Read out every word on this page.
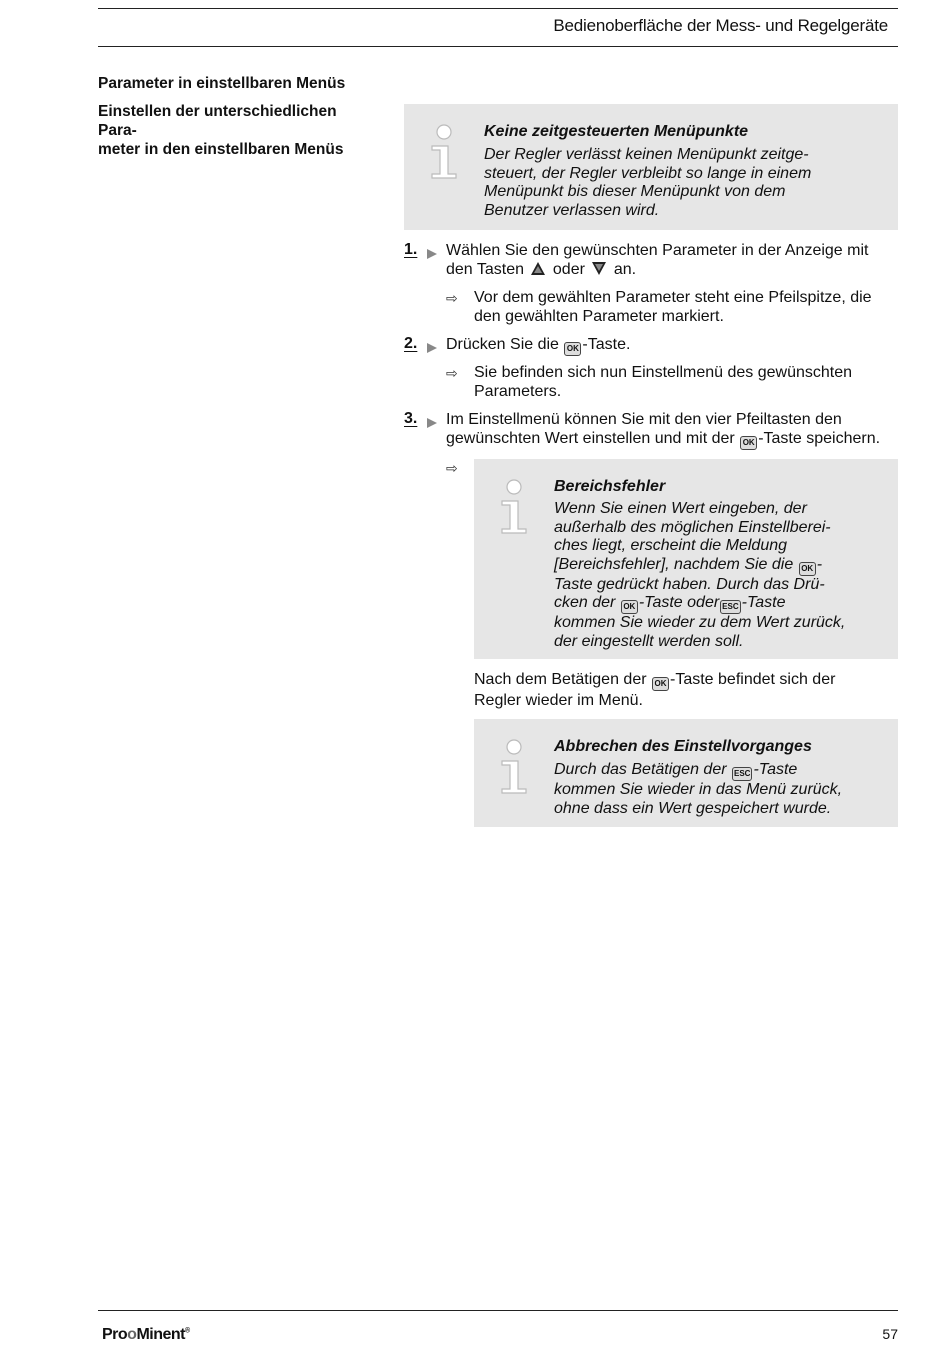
Bedienoberfläche der Mess- und Regelgeräte
Parameter in einstellbaren Menüs
Einstellen der unterschiedlichen Para-
meter in den einstellbaren Menüs
Keine zeitgesteuerten Menüpunkte
Der Regler verlässt keinen Menüpunkt zeitge-
steuert, der Regler verbleibt so lange in einem
Menüpunkt bis dieser Menüpunkt von dem
Benutzer verlassen wird.
1. Wählen Sie den gewünschten Parameter in der Anzeige mit
den Tasten oder an.
⇨ Vor dem gewählten Parameter steht eine Pfeilspitze, die
den gewählten Parameter markiert.
2. Drücken Sie die OK -Taste.
⇨ Sie befinden sich nun Einstellmenü des gewünschten
Parameters.
3. Im Einstellmenü können Sie mit den vier Pfeiltasten den
gewünschten Wert einstellen und mit der OK -Taste speichern.
⇨
Bereichsfehler
Wenn Sie einen Wert eingeben, der
außerhalb des möglichen Einstellberei-
ches liegt, erscheint die Meldung
[Bereichsfehler], nachdem Sie die OK -
Taste gedrückt haben. Durch das Drü-
cken der OK -Taste oder ESC -Taste
kommen Sie wieder zu dem Wert zurück,
der eingestellt werden soll.
Nach dem Betätigen der OK -Taste befindet sich der
Regler wieder im Menü.
Abbrechen des Einstellvorganges
Durch das Betätigen der ESC -Taste
kommen Sie wieder in das Menü zurück,
ohne dass ein Wert gespeichert wurde.
ProoMinent®	57
